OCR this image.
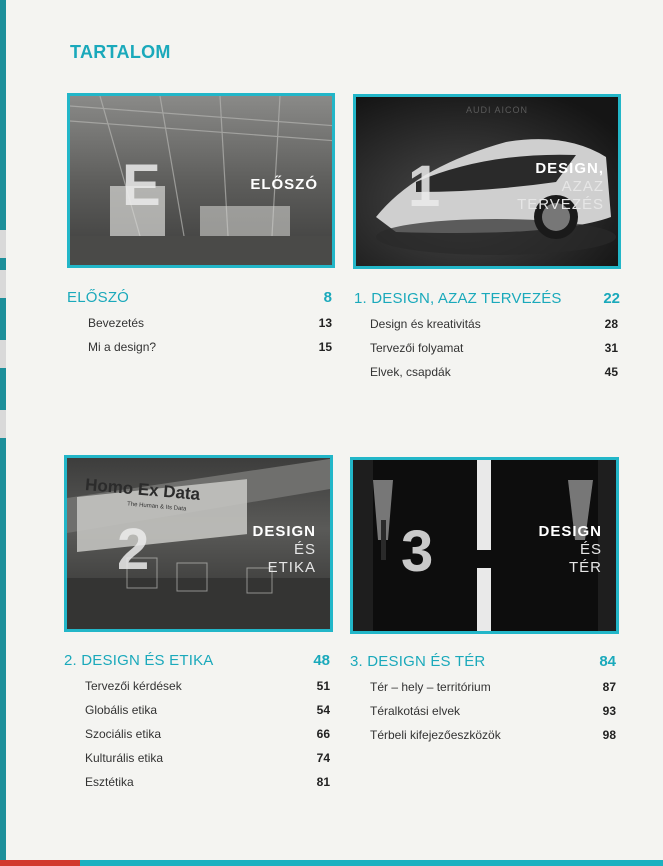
TARTALOM
E	ELŐSZÓ
AUDI AICON
1	DESIGN,
AZAZ
TERVEZÉS
ELŐSZÓ	8
Bevezetés	13
Mi a design?	15
1. DESIGN, AZAZ TERVEZÉS	22
Design és kreativitás	28
Tervezői folyamat	31
Elvek, csapdák	45
Homo Ex Data
The Human & Its Data
2	DESIGN
ÉS
ETIKA 3	DESIGN
ÉS
TÉR
2. DESIGN ÉS ETIKA	48
Tervezői kérdések	51
Globális etika	54
Szociális etika	66
Kulturális etika	74
Esztétika	81
3. DESIGN ÉS TÉR	84
Tér – hely – territórium	87
Téralkotási elvek	93
Térbeli kifejezőeszközök	98
